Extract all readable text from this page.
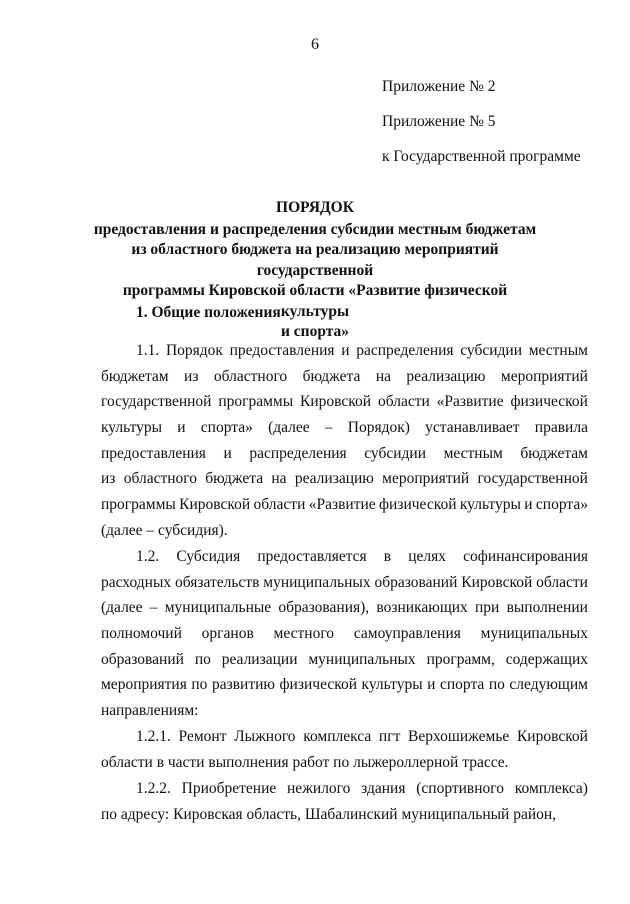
6
Приложение № 2
Приложение № 5
к Государственной программе
ПОРЯДОК
предоставления и распределения субсидии местным бюджетам
из областного бюджета на реализацию мероприятий государственной
программы Кировской области «Развитие физической культуры
и спорта»
1. Общие положения
1.1. Порядок предоставления и распределения субсидии местным
бюджетам из областного бюджета на реализацию мероприятий
государственной программы Кировской области «Развитие физической
культуры и спорта» (далее – Порядок) устанавливает правила
предоставления и распределения субсидии местным бюджетам
из областного бюджета на реализацию мероприятий государственной
программы Кировской области «Развитие физической культуры и спорта»
(далее – субсидия).
1.2. Субсидия предоставляется в целях софинансирования
расходных обязательств муниципальных образований Кировской области
(далее – муниципальные образования), возникающих при выполнении
полномочий органов местного самоуправления муниципальных
образований по реализации муниципальных программ, содержащих
мероприятия по развитию физической культуры и спорта по следующим
направлениям:
1.2.1. Ремонт Лыжного комплекса пгт Верхошижемье Кировской
области в части выполнения работ по лыжероллерной трассе.
1.2.2. Приобретение нежилого здания (спортивного комплекса)
по адресу: Кировская область, Шабалинский муниципальный район,
